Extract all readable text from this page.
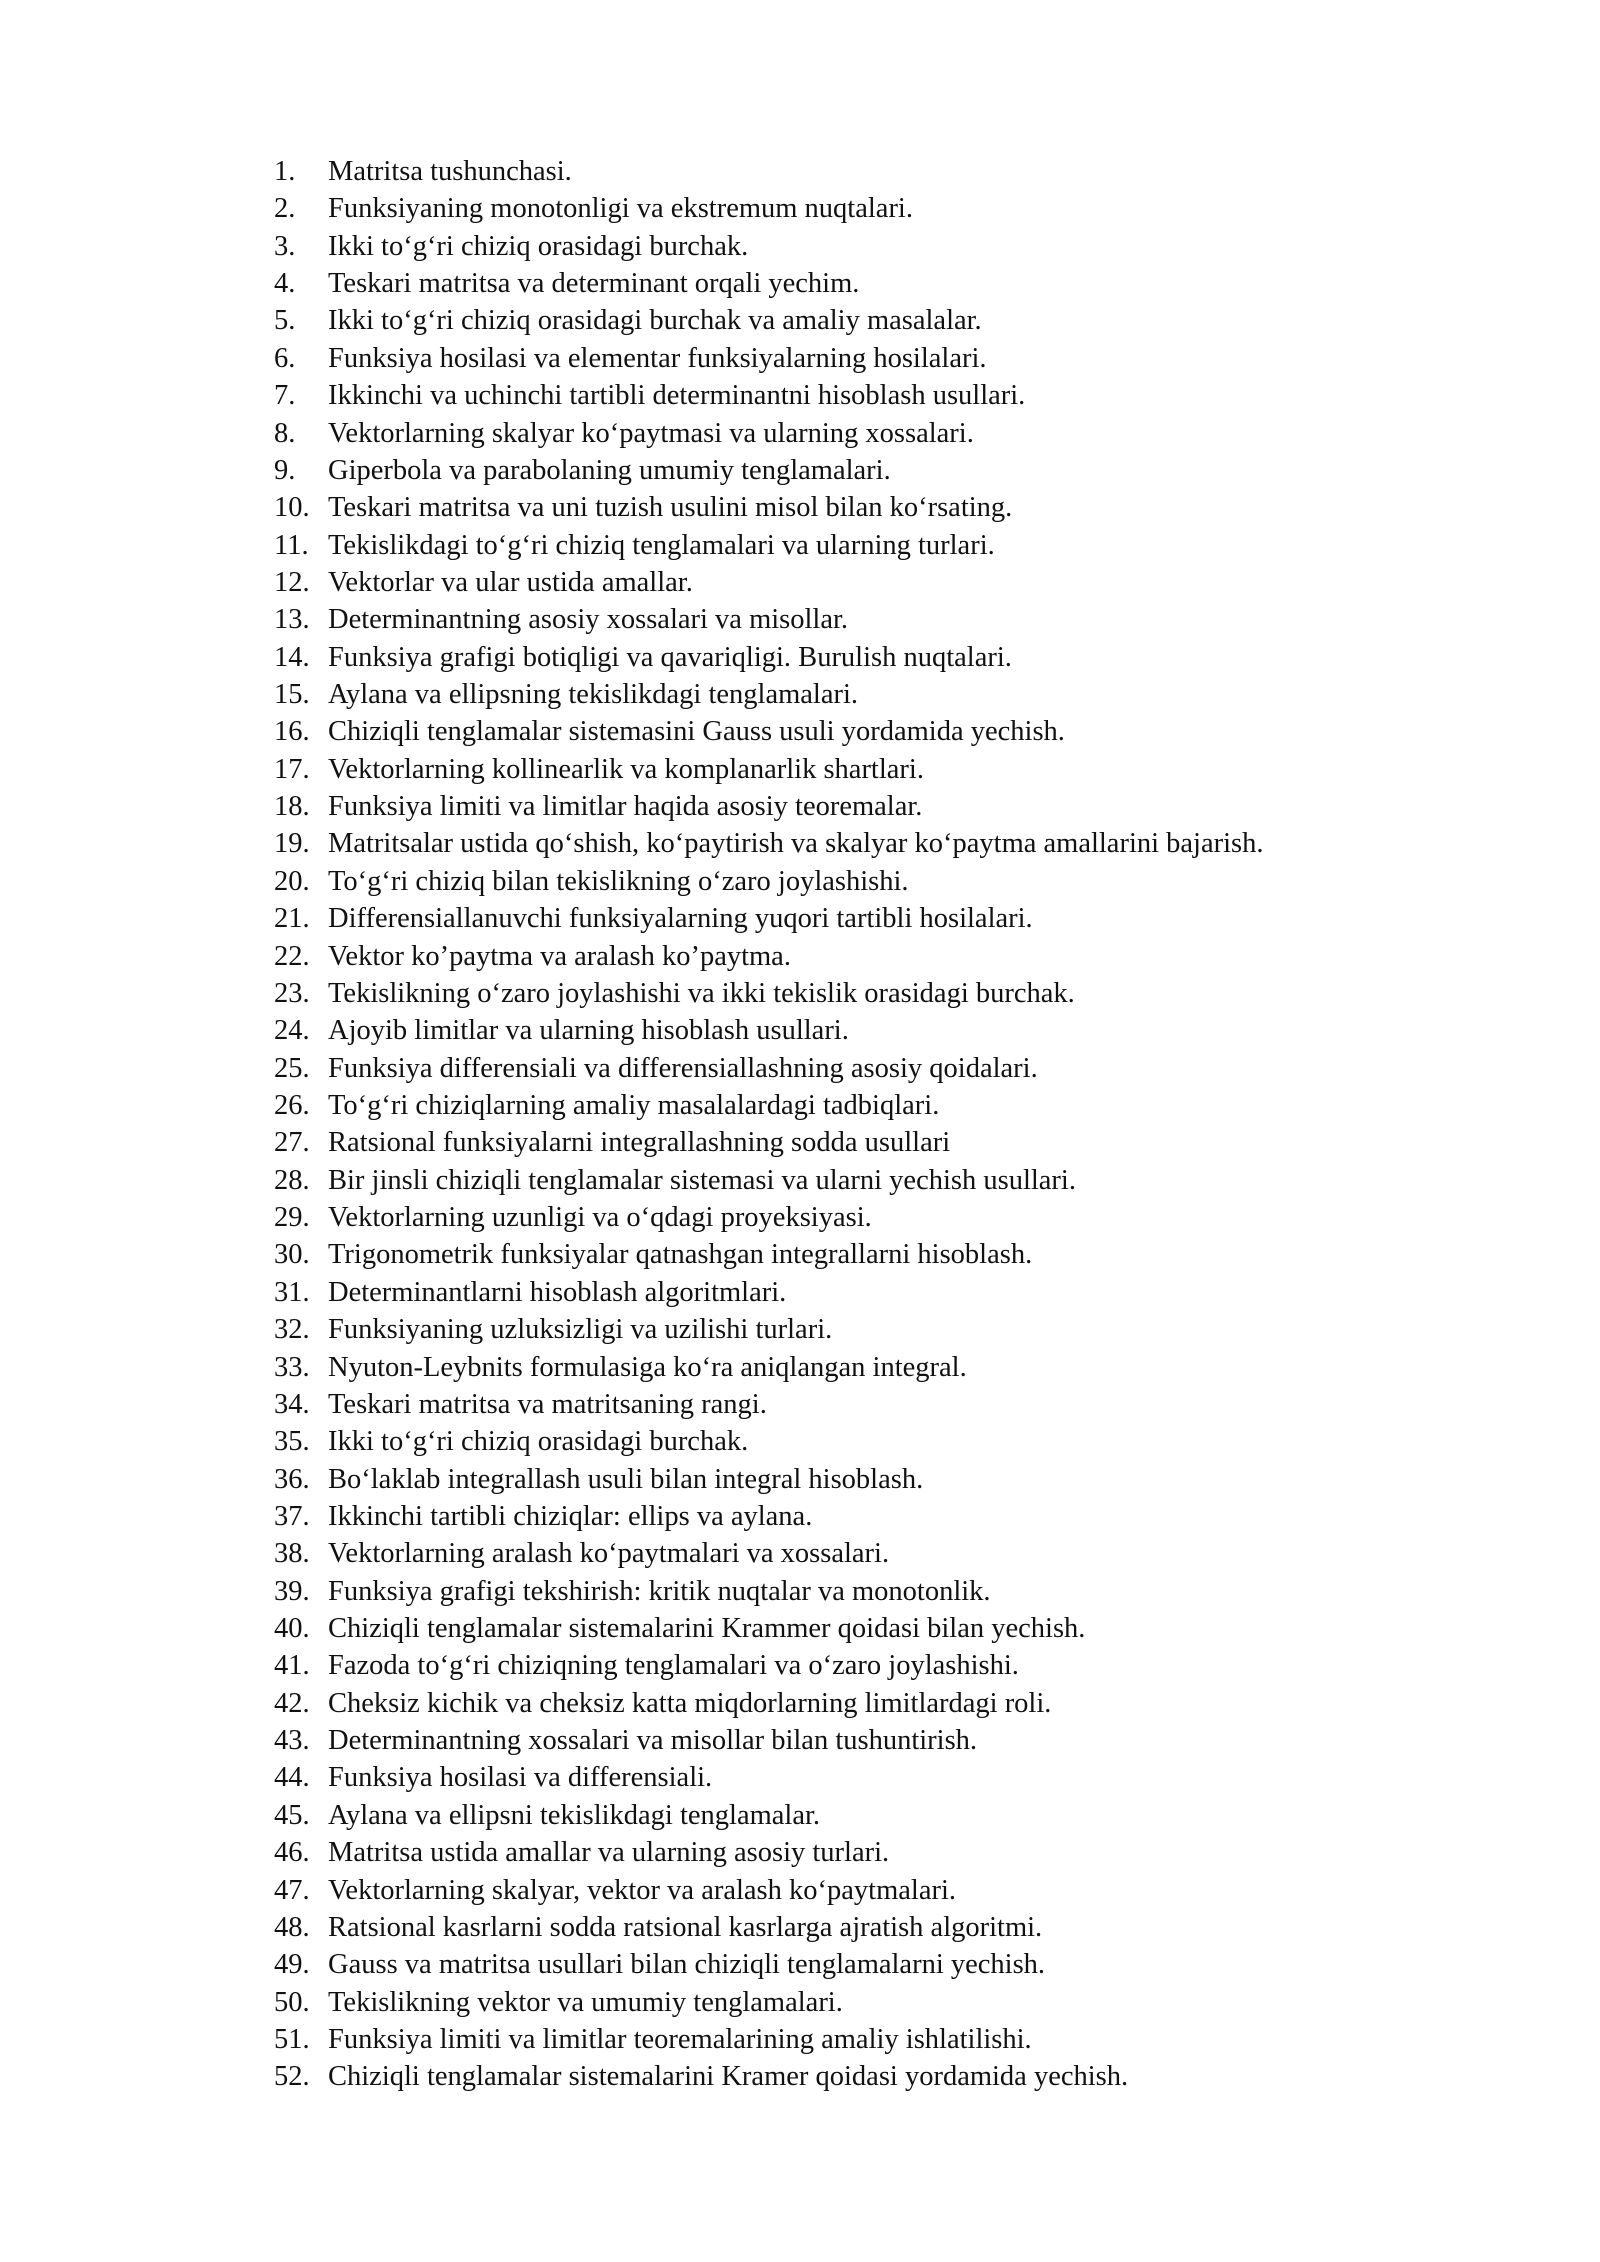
1.	Matritsa tushunchasi.
2.	Funksiyaning monotonligi va ekstremum nuqtalari.
3.	Ikki to‘g‘ri chiziq orasidagi burchak.
4.	Teskari matritsa va determinant orqali yechim.
5.	Ikki to‘g‘ri chiziq orasidagi burchak va amaliy masalalar.
6.	Funksiya hosilasi va elementar funksiyalarning hosilalari.
7.	Ikkinchi va uchinchi tartibli determinantni hisoblash usullari.
8.	Vektorlarning skalyar ko‘paytmasi va ularning xossalari.
9.	Giperbola va parabolaning umumiy tenglamalari.
10. Teskari matritsa va uni tuzish usulini misol bilan ko‘rsating.
11. Tekislikdagi to‘g‘ri chiziq tenglamalari va ularning turlari.
12. Vektorlar va ular ustida amallar.
13. Determinantning asosiy xossalari va misollar.
14. Funksiya grafigi botiqligi va qavariqligi. Burulish nuqtalari.
15. Aylana va ellipsning tekislikdagi tenglamalari.
16. Chiziqli tenglamalar sistemasini Gauss usuli yordamida yechish.
17. Vektorlarning kollinearlik va komplanarlik shartlari.
18. Funksiya limiti va limitlar haqida asosiy teoremalar.
19. Matritsalar ustida qo‘shish, ko‘paytirish va skalyar ko‘paytma amallarini bajarish.
20. To‘g‘ri chiziq bilan tekislikning o‘zaro joylashishi.
21. Differensiallanuvchi funksiyalarning yuqori tartibli hosilalari.
22. Vektor ko’paytma va aralash ko’paytma.
23. Tekislikning o‘zaro joylashishi va ikki tekislik orasidagi burchak.
24. Ajoyib limitlar va ularning hisoblash usullari.
25. Funksiya differensiali va differensiallashning asosiy qoidalari.
26. To‘g‘ri chiziqlarning amaliy masalalardagi tadbiqlari.
27. Ratsional funksiyalarni integrallashning sodda usullari
28. Bir jinsli chiziqli tenglamalar sistemasi va ularni yechish usullari.
29. Vektorlarning uzunligi va o‘qdagi proyeksiyasi.
30. Trigonometrik funksiyalar qatnashgan integrallarni hisoblash.
31. Determinantlarni hisoblash algoritmlari.
32. Funksiyaning uzluksizligi va uzilishi turlari.
33. Nyuton-Leybnits formulasiga ko‘ra aniqlangan integral.
34. Teskari matritsa va matritsaning rangi.
35. Ikki to‘g‘ri chiziq orasidagi burchak.
36. Bo‘laklab integrallash usuli bilan integral hisoblash.
37. Ikkinchi tartibli chiziqlar: ellips va aylana.
38. Vektorlarning aralash ko‘paytmalari va xossalari.
39. Funksiya grafigi tekshirish: kritik nuqtalar va monotonlik.
40. Chiziqli tenglamalar sistemalarini Krammer qoidasi bilan yechish.
41. Fazoda to‘g‘ri chiziqning tenglamalari va o‘zaro joylashishi.
42. Cheksiz kichik va cheksiz katta miqdorlarning limitlardagi roli.
43. Determinantning xossalari va misollar bilan tushuntirish.
44. Funksiya hosilasi va differensiali.
45. Aylana va ellipsni tekislikdagi tenglamalar.
46. Matritsa ustida amallar va ularning asosiy turlari.
47. Vektorlarning skalyar, vektor va aralash ko‘paytmalari.
48. Ratsional kasrlarni sodda ratsional kasrlarga ajratish algoritmi.
49. Gauss va matritsa usullari bilan chiziqli tenglamalarni yechish.
50. Tekislikning vektor va umumiy tenglamalari.
51. Funksiya limiti va limitlar teoremalarining amaliy ishlatilishi.
52. Chiziqli tenglamalar sistemalarini Kramer qoidasi yordamida yechish.
